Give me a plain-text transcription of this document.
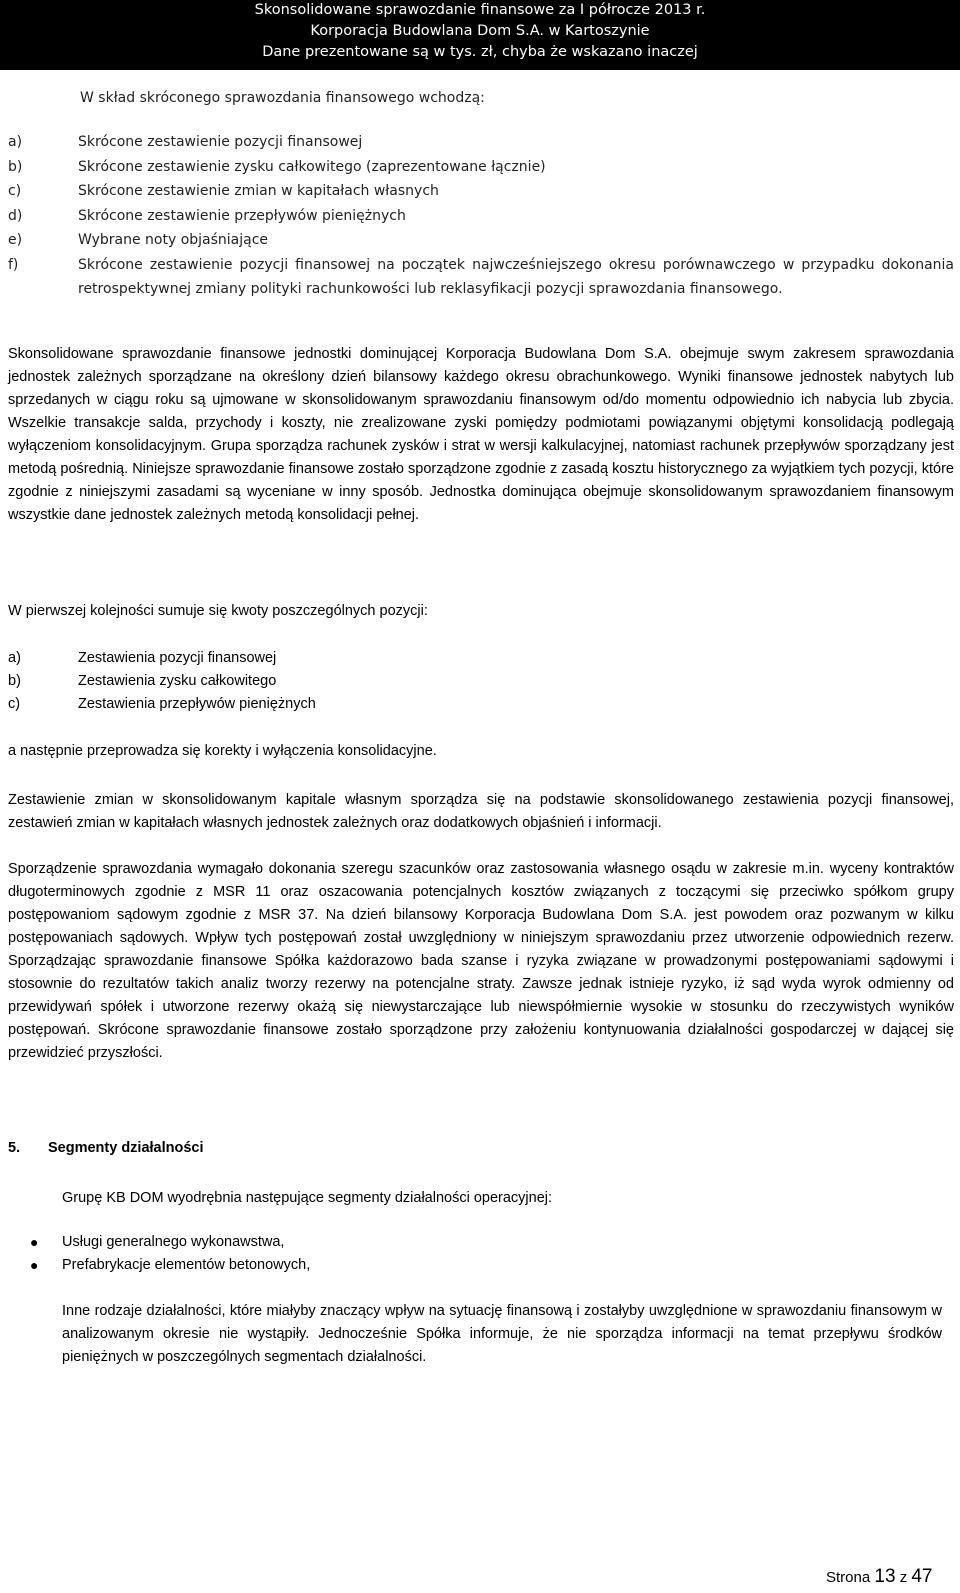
Skonsolidowane sprawozdanie finansowe za I półrocze 2013 r.
Korporacja Budowlana Dom S.A. w Kartoszynie
Dane prezentowane są w tys. zł, chyba że wskazano inaczej
W skład skróconego sprawozdania finansowego wchodzą:
a)	Skrócone zestawienie pozycji finansowej
b)	Skrócone zestawienie zysku całkowitego (zaprezentowane łącznie)
c)	Skrócone zestawienie zmian w kapitałach własnych
d)	Skrócone zestawienie przepływów pieniężnych
e)	Wybrane noty objaśniające
f)	Skrócone zestawienie pozycji finansowej na początek najwcześniejszego okresu porównawczego w przypadku dokonania retrospektywnej zmiany polityki rachunkowości lub reklasyfikacji pozycji sprawozdania finansowego.

Skonsolidowane sprawozdanie finansowe jednostki dominującej Korporacja Budowlana Dom S.A. obejmuje swym zakresem sprawozdania jednostek zależnych sporządzane na określony dzień bilansowy każdego okresu obrachunkowego. Wyniki finansowe jednostek nabytych lub sprzedanych w ciągu roku są ujmowane w skonsolidowanym sprawozdaniu finansowym od/do momentu odpowiednio ich nabycia lub zbycia. Wszelkie transakcje salda, przychody i koszty, nie zrealizowane zyski pomiędzy podmiotami powiązanymi objętymi konsolidacją podlegają wyłączeniom konsolidacyjnym. Grupa sporządza rachunek zysków i strat w wersji kalkulacyjnej, natomiast rachunek przepływów sporządzany jest metodą pośrednią. Niniejsze sprawozdanie finansowe zostało sporządzone zgodnie z zasadą kosztu historycznego za wyjątkiem tych pozycji, które zgodnie z niniejszymi zasadami są wyceniane w inny sposób. Jednostka dominująca obejmuje skonsolidowanym sprawozdaniem finansowym wszystkie dane jednostek zależnych metodą konsolidacji pełnej.

W pierwszej kolejności sumuje się kwoty poszczególnych pozycji:

a)	Zestawienia pozycji finansowej
b)	Zestawienia zysku całkowitego
c)	Zestawienia przepływów pieniężnych

a następnie przeprowadza się korekty i wyłączenia konsolidacyjne.

Zestawienie zmian w skonsolidowanym kapitale własnym sporządza się na podstawie skonsolidowanego zestawienia pozycji finansowej, zestawień zmian w kapitałach własnych jednostek zależnych oraz dodatkowych objaśnień i informacji.

Sporządzenie sprawozdania wymagało dokonania szeregu szacunków oraz zastosowania własnego osądu w zakresie m.in. wyceny kontraktów długoterminowych zgodnie z MSR 11 oraz oszacowania potencjalnych kosztów związanych z toczącymi się przeciwko spółkom grupy postępowaniom sądowym zgodnie z MSR 37. Na dzień bilansowy Korporacja Budowlana Dom S.A. jest powodem oraz pozwanym w kilku postępowaniach sądowych. Wpływ tych postępowań został uwzględniony w niniejszym sprawozdaniu przez utworzenie odpowiednich rezerw. Sporządzając sprawozdanie finansowe Spółka każdorazowo bada szanse i ryzyka związane w prowadzonymi postępowaniami sądowymi i stosownie do rezultatów takich analiz tworzy rezerwy na potencjalne straty. Zawsze jednak istnieje ryzyko, iż sąd wyda wyrok odmienny od przewidywań spółek i utworzone rezerwy okażą się niewystarczające lub niewspółmiernie wysokie w stosunku do rzeczywistych wyników postępowań. Skrócone sprawozdanie finansowe zostało sporządzone przy założeniu kontynuowania działalności gospodarczej w dającej się przewidzieć przyszłości.

5. Segmenty działalności

Grupę KB DOM wyodrębnia następujące segmenty działalności operacyjnej:

●	Usługi generalnego wykonawstwa,
●	Prefabrykacje elementów betonowych,

Inne rodzaje działalności, które miałyby znaczący wpływ na sytuację finansową i zostałyby uwzględnione w sprawozdaniu finansowym w analizowanym okresie nie wystąpiły. Jednocześnie Spółka informuje, że nie sporządza informacji na temat przepływu środków pieniężnych w poszczególnych segmentach działalności.

Strona 13 z 47
